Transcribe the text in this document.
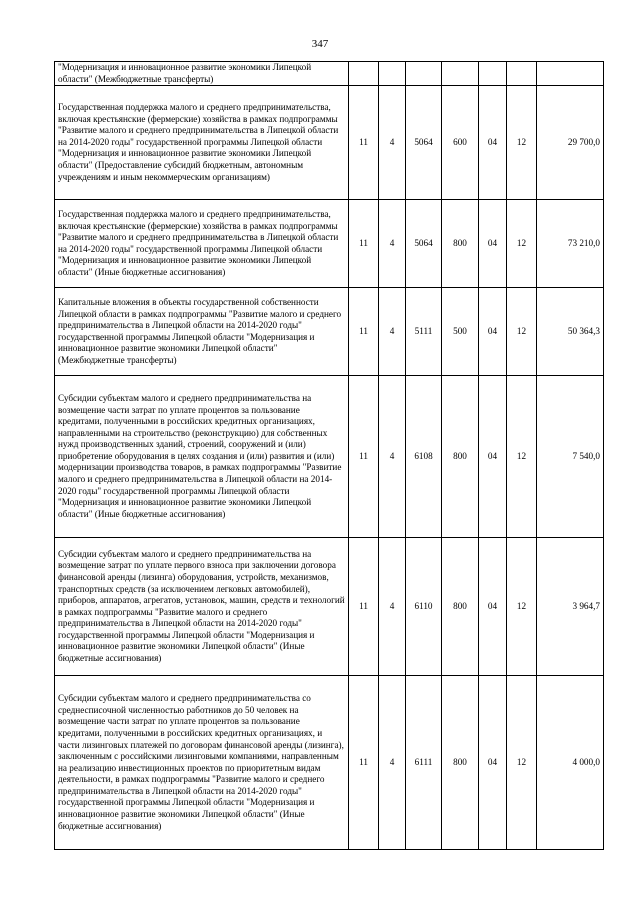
347
"Модернизация и инновационное развитие экономики Липецкой области" (Межбюджетные трансферты)							
Государственная поддержка малого и среднего предпринимательства, включая крестьянские (фермерские) хозяйства в рамках подпрограммы "Развитие малого и среднего предпринимательства в Липецкой области на 2014-2020 годы" государственной программы Липецкой области "Модернизация и инновационное развитие экономики Липецкой области" (Предоставление субсидий бюджетным, автономным учреждениям и иным некоммерческим организациям)	11	4	5064	600	04	12	29 700,0
Государственная поддержка малого и среднего предпринимательства, включая крестьянские (фермерские) хозяйства в рамках подпрограммы "Развитие малого и среднего предпринимательства в Липецкой области на 2014-2020 годы" государственной программы Липецкой области "Модернизация и инновационное развитие экономики Липецкой области" (Иные бюджетные ассигнования)	11	4	5064	800	04	12	73 210,0
Капитальные вложения в объекты государственной собственности Липецкой области в рамках подпрограммы "Развитие малого и среднего предпринимательства в Липецкой области на 2014-2020 годы" государственной программы Липецкой области "Модернизация и инновационное развитие экономики Липецкой области" (Межбюджетные трансферты)	11	4	5111	500	04	12	50 364,3
Субсидии субъектам малого и среднего предпринимательства на возмещение части затрат по уплате процентов за пользование кредитами, полученными в российских кредитных организациях, направленными на строительство (реконструкцию) для собственных нужд производственных зданий, строений, сооружений и (или) приобретение оборудования в целях создания и (или) развития и (или) модернизации производства товаров, в рамках подпрограммы "Развитие малого и среднего предпринимательства в Липецкой области на 2014-2020 годы" государственной программы Липецкой области "Модернизация и инновационное развитие экономики Липецкой области" (Иные бюджетные ассигнования)	11	4	6108	800	04	12	7 540,0
Субсидии субъектам малого и среднего предпринимательства на возмещение затрат по уплате первого взноса при заключении договора финансовой аренды (лизинга) оборудования, устройств, механизмов, транспортных средств (за исключением легковых автомобилей), приборов, аппаратов, агрегатов, установок, машин, средств и технологий в рамках подпрограммы "Развитие малого и среднего предпринимательства в Липецкой области на 2014-2020 годы" государственной программы Липецкой области "Модернизация и инновационное развитие экономики Липецкой области" (Иные бюджетные ассигнования)	11	4	6110	800	04	12	3 964,7
Субсидии субъектам малого и среднего предпринимательства со среднесписочной численностью работников до 50 человек на возмещение части затрат по уплате процентов за пользование кредитами, полученными в российских кредитных организациях, и части лизинговых платежей по договорам финансовой аренды (лизинга), заключенным с российскими лизинговыми компаниями, направленным на реализацию инвестиционных проектов по приоритетным видам деятельности, в рамках подпрограммы "Развитие малого и среднего предпринимательства в Липецкой области на 2014-2020 годы" государственной программы Липецкой области "Модернизация и инновационное развитие экономики Липецкой области" (Иные бюджетные ассигнования)	11	4	6111	800	04	12	4 000,0
